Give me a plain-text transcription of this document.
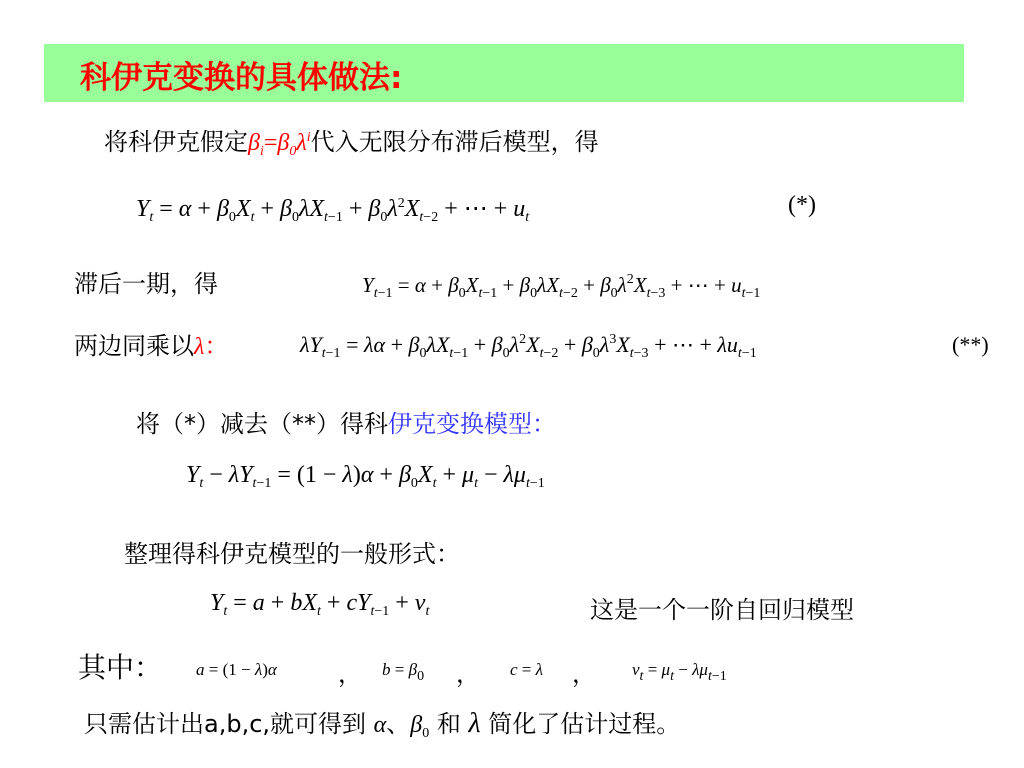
科伊克变换的具体做法:
将科伊克假定$\beta_i=\beta_0\lambda^i$代入无限分布滞后模型，得
$Y_t = \alpha + \beta_0X_t + \beta_0\lambda X_{t-1} + \beta_0\lambda^2X_{t-2}$ + ⋯ + $u_t$	(*)
滞后一期，得	$Y_{t-1} = \alpha + \beta_0X_{t-1} + \beta_0\lambda X_{t-2} + \beta_0\lambda^2X_{t-3}$ + ⋯ + $u_{t-1}$
两边同乘以λ：	$\lambda Y_{t-1} = \lambda\alpha + \beta_0\lambda X_{t-1} + \beta_0\lambda^2X_{t-2} + \beta_0\lambda^3X_{t-3}$ + ⋯ + $\lambda u_{t-1}$	(**)
将（*）减去（**）得科伊克变换模型：
$Y_t - \lambda Y_{t-1} = (1 - \lambda)\alpha + \beta_0X_t + \mu_t - \lambda\mu_{t-1}$
整理得科伊克模型的一般形式：
$Y_t = a + bX_t + cY_{t-1} + v_t$	这是一个一阶自回归模型
其中： a = (1 − λ)α	， $b = \beta_0$ ， c = λ ， $v_t = \mu_t - \lambda\mu_{t-1}$
只需估计出a,b,c,就可得到 α、$\beta_0$ 和 λ 简化了估计过程。
